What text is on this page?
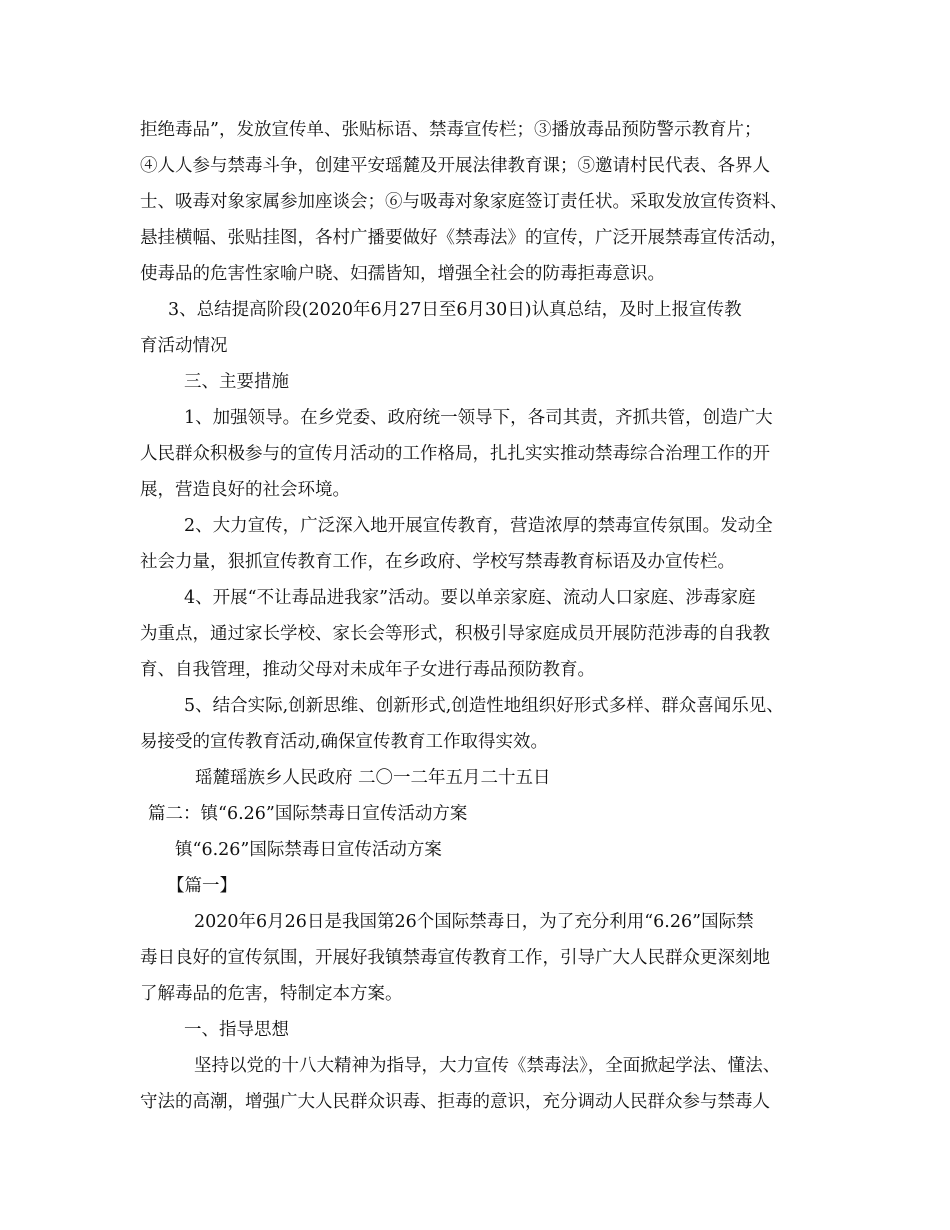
拒绝毒品”，发放宣传单、张贴标语、禁毒宣传栏；③播放毒品预防警示教育片；
④人人参与禁毒斗争，创建平安瑶麓及开展法律教育课；⑤邀请村民代表、各界人
士、吸毒对象家属参加座谈会；⑥与吸毒对象家庭签订责任状。采取发放宣传资料、
悬挂横幅、张贴挂图，各村广播要做好《禁毒法》的宣传，广泛开展禁毒宣传活动，
使毒品的危害性家喻户晓、妇孺皆知，增强全社会的防毒拒毒意识。
3、总结提高阶段(2020年6月27日至6月30日)认真总结，及时上报宣传教
育活动情况
三、主要措施
1、加强领导。在乡党委、政府统一领导下，各司其责，齐抓共管，创造广大
人民群众积极参与的宣传月活动的工作格局，扎扎实实推动禁毒综合治理工作的开
展，营造良好的社会环境。
2、大力宣传，广泛深入地开展宣传教育，营造浓厚的禁毒宣传氛围。发动全
社会力量，狠抓宣传教育工作，在乡政府、学校写禁毒教育标语及办宣传栏。
4、开展“不让毒品进我家”活动。要以单亲家庭、流动人口家庭、涉毒家庭
为重点，通过家长学校、家长会等形式，积极引导家庭成员开展防范涉毒的自我教
育、自我管理，推动父母对未成年子女进行毒品预防教育。
5、结合实际,创新思维、创新形式,创造性地组织好形式多样、群众喜闻乐见、
易接受的宣传教育活动,确保宣传教育工作取得实效。
瑶麓瑶族乡人民政府 二〇一二年五月二十五日
篇二：镇“6.26”国际禁毒日宣传活动方案
镇“6.26”国际禁毒日宣传活动方案
【篇一】
2020年6月26日是我国第26个国际禁毒日，为了充分利用“6.26”国际禁
毒日良好的宣传氛围，开展好我镇禁毒宣传教育工作，引导广大人民群众更深刻地
了解毒品的危害，特制定本方案。
一、指导思想
坚持以党的十八大精神为指导，大力宣传《禁毒法》，全面掀起学法、懂法、
守法的高潮，增强广大人民群众识毒、拒毒的意识，充分调动人民群众参与禁毒人
